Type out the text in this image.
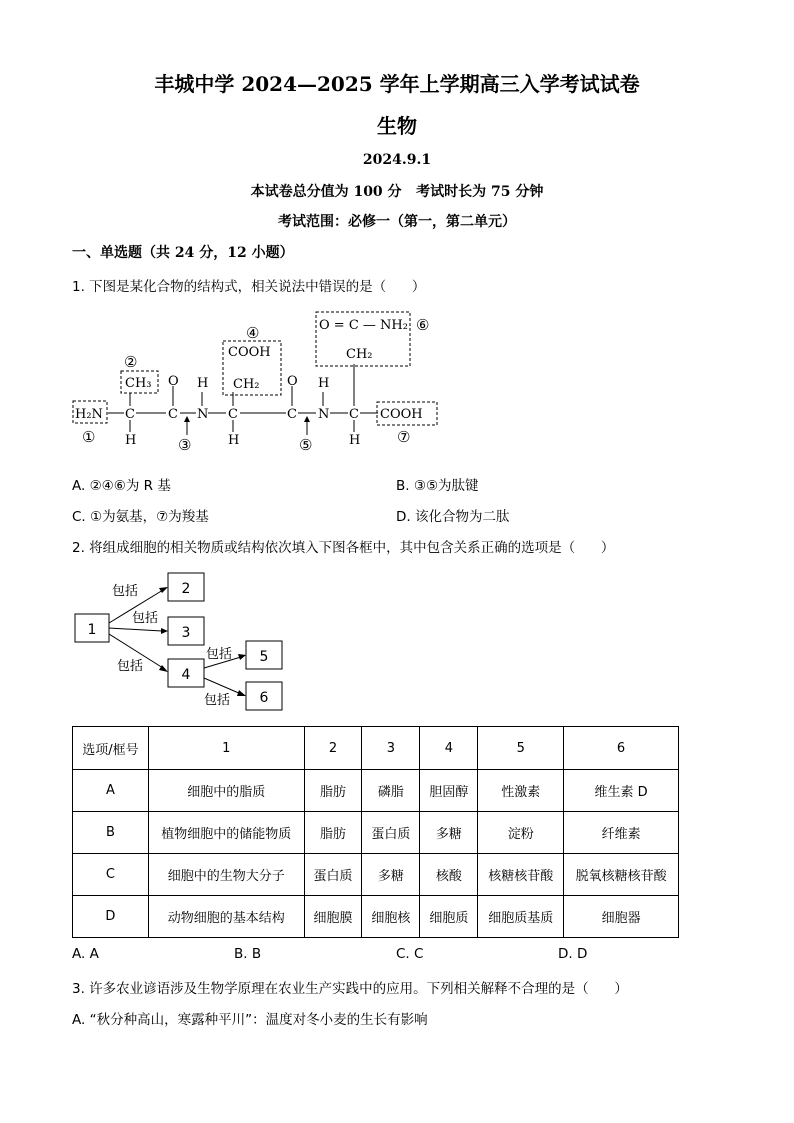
丰城中学 2024—2025 学年上学期高三入学考试试卷
生物
2024.9.1
本试卷总分值为 100 分   考试时长为 75 分钟
考试范围：必修一（第一，第二单元）
一、单选题（共 24 分，12 小题）
1. 下图是某化合物的结构式，相关说法中错误的是（      ）
H₂N
CH₃
C
H
O
C
H
N
COOH
CH₂
C
H
O
C
H
N
O = C — NH₂
CH₂
C
H
COOH
①
②
③
④
⑤
⑥
⑦
A. ②④⑥为 R 基	B. ③⑤为肽键
C. ①为氨基，⑦为羧基	D. 该化合物为二肽
2. 将组成细胞的相关物质或结构依次填入下图各框中，其中包含关系正确的选项是（      ）
2
1	3
4
5
6
包括
包括
包括
包括
包括
选项/框号	1	2	3	4	5	6
A	细胞中的脂质	脂肪	磷脂	胆固醇	性激素	维生素 D
B	植物细胞中的储能物质	脂肪	蛋白质	多糖	淀粉	纤维素
C	细胞中的生物大分子	蛋白质	多糖	核酸	核糖核苷酸	脱氧核糖核苷酸
D	动物细胞的基本结构	细胞膜	细胞核	细胞质	细胞质基质	细胞器
A. A	B. B	C. C	D. D
3. 许多农业谚语涉及生物学原理在农业生产实践中的应用。下列相关解释不合理的是（      ）
A. “秋分种高山，寒露种平川”：温度对冬小麦的生长有影响
